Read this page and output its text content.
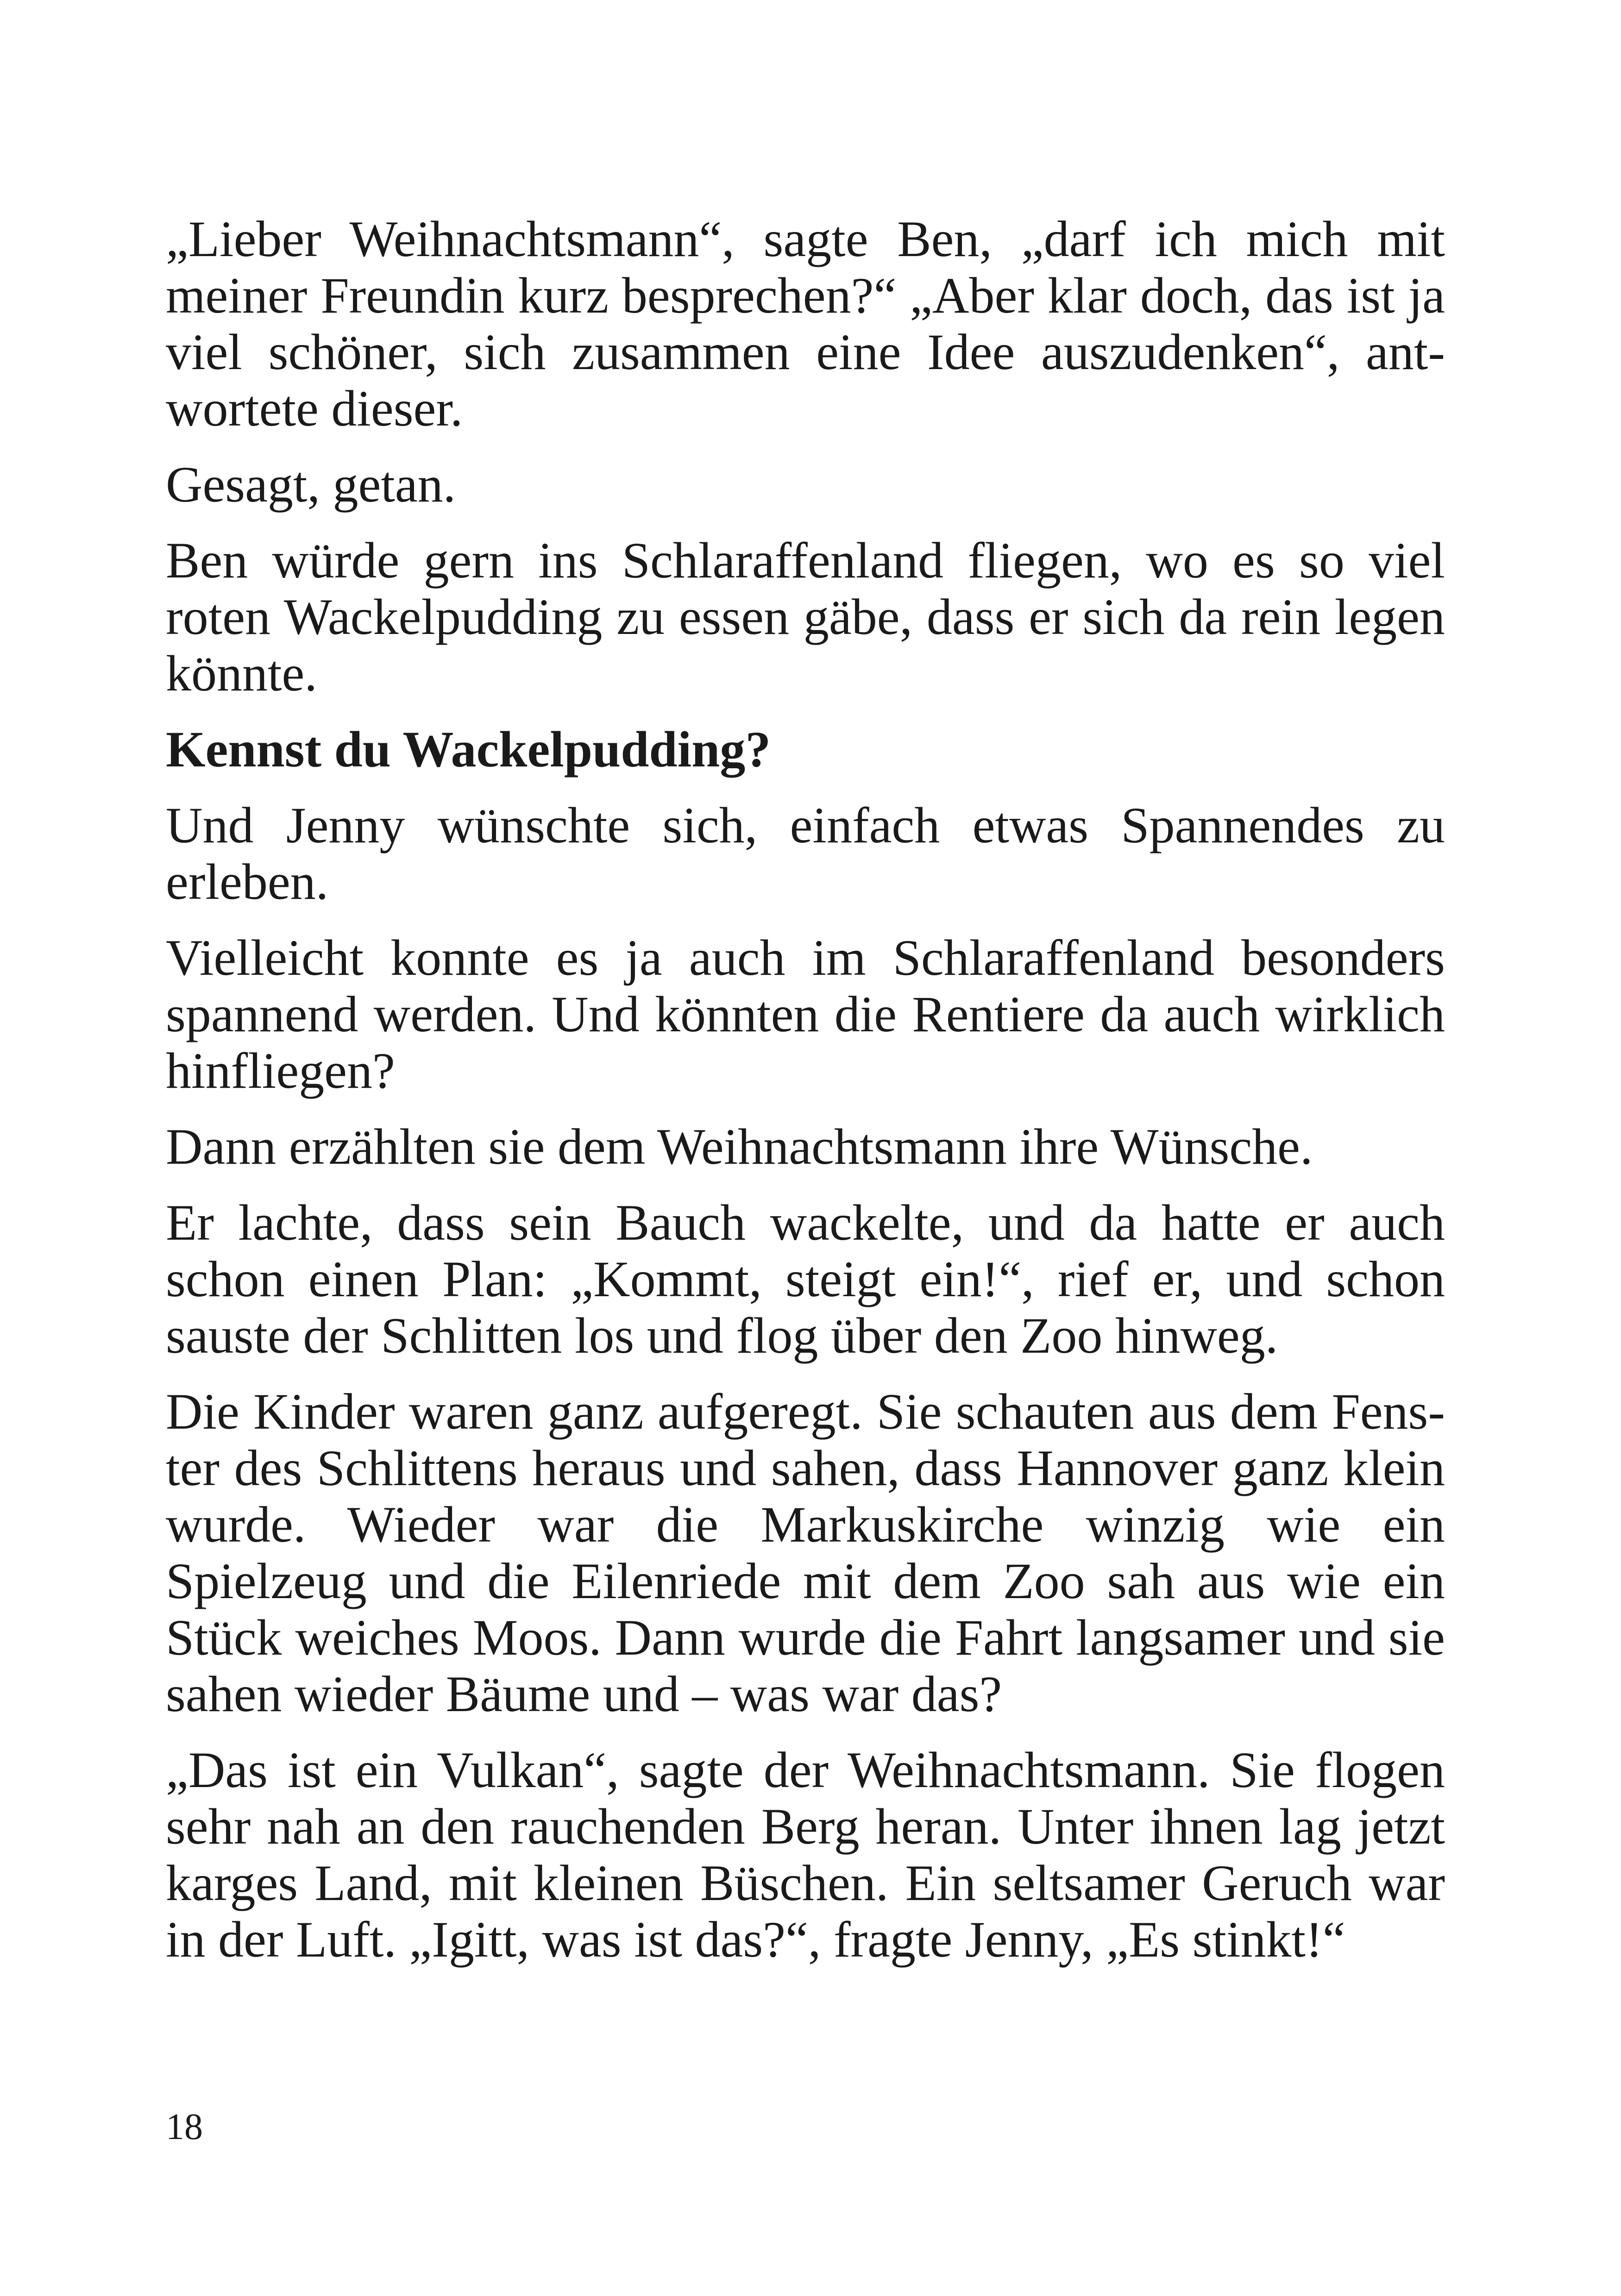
„Lieber Weihnachtsmann“, sagte Ben, „darf ich mich mit meiner Freundin kurz besprechen?“ „Aber klar doch, das ist ja viel schöner, sich zusammen eine Idee auszudenken“, antwortete dieser.

Gesagt, getan.

Ben würde gern ins Schlaraffenland fliegen, wo es so viel roten Wackelpudding zu essen gäbe, dass er sich da rein legen könnte.

Kennst du Wackelpudding?

Und Jenny wünschte sich, einfach etwas Spannendes zu erleben.

Vielleicht konnte es ja auch im Schlaraffenland besonders spannend werden. Und könnten die Rentiere da auch wirklich hinfliegen?

Dann erzählten sie dem Weihnachtsmann ihre Wünsche.

Er lachte, dass sein Bauch wackelte, und da hatte er auch schon einen Plan: „Kommt, steigt ein!“, rief er, und schon sauste der Schlitten los und flog über den Zoo hinweg.

Die Kinder waren ganz aufgeregt. Sie schauten aus dem Fenster des Schlittens heraus und sahen, dass Hannover ganz klein wurde. Wieder war die Markuskirche winzig wie ein Spielzeug und die Eilenriede mit dem Zoo sah aus wie ein Stück weiches Moos. Dann wurde die Fahrt langsamer und sie sahen wieder Bäume und – was war das?

„Das ist ein Vulkan“, sagte der Weihnachtsmann. Sie flogen sehr nah an den rauchenden Berg heran. Unter ihnen lag jetzt karges Land, mit kleinen Büschen. Ein seltsamer Geruch war in der Luft. „Igitt, was ist das?“, fragte Jenny, „Es stinkt!“

18
